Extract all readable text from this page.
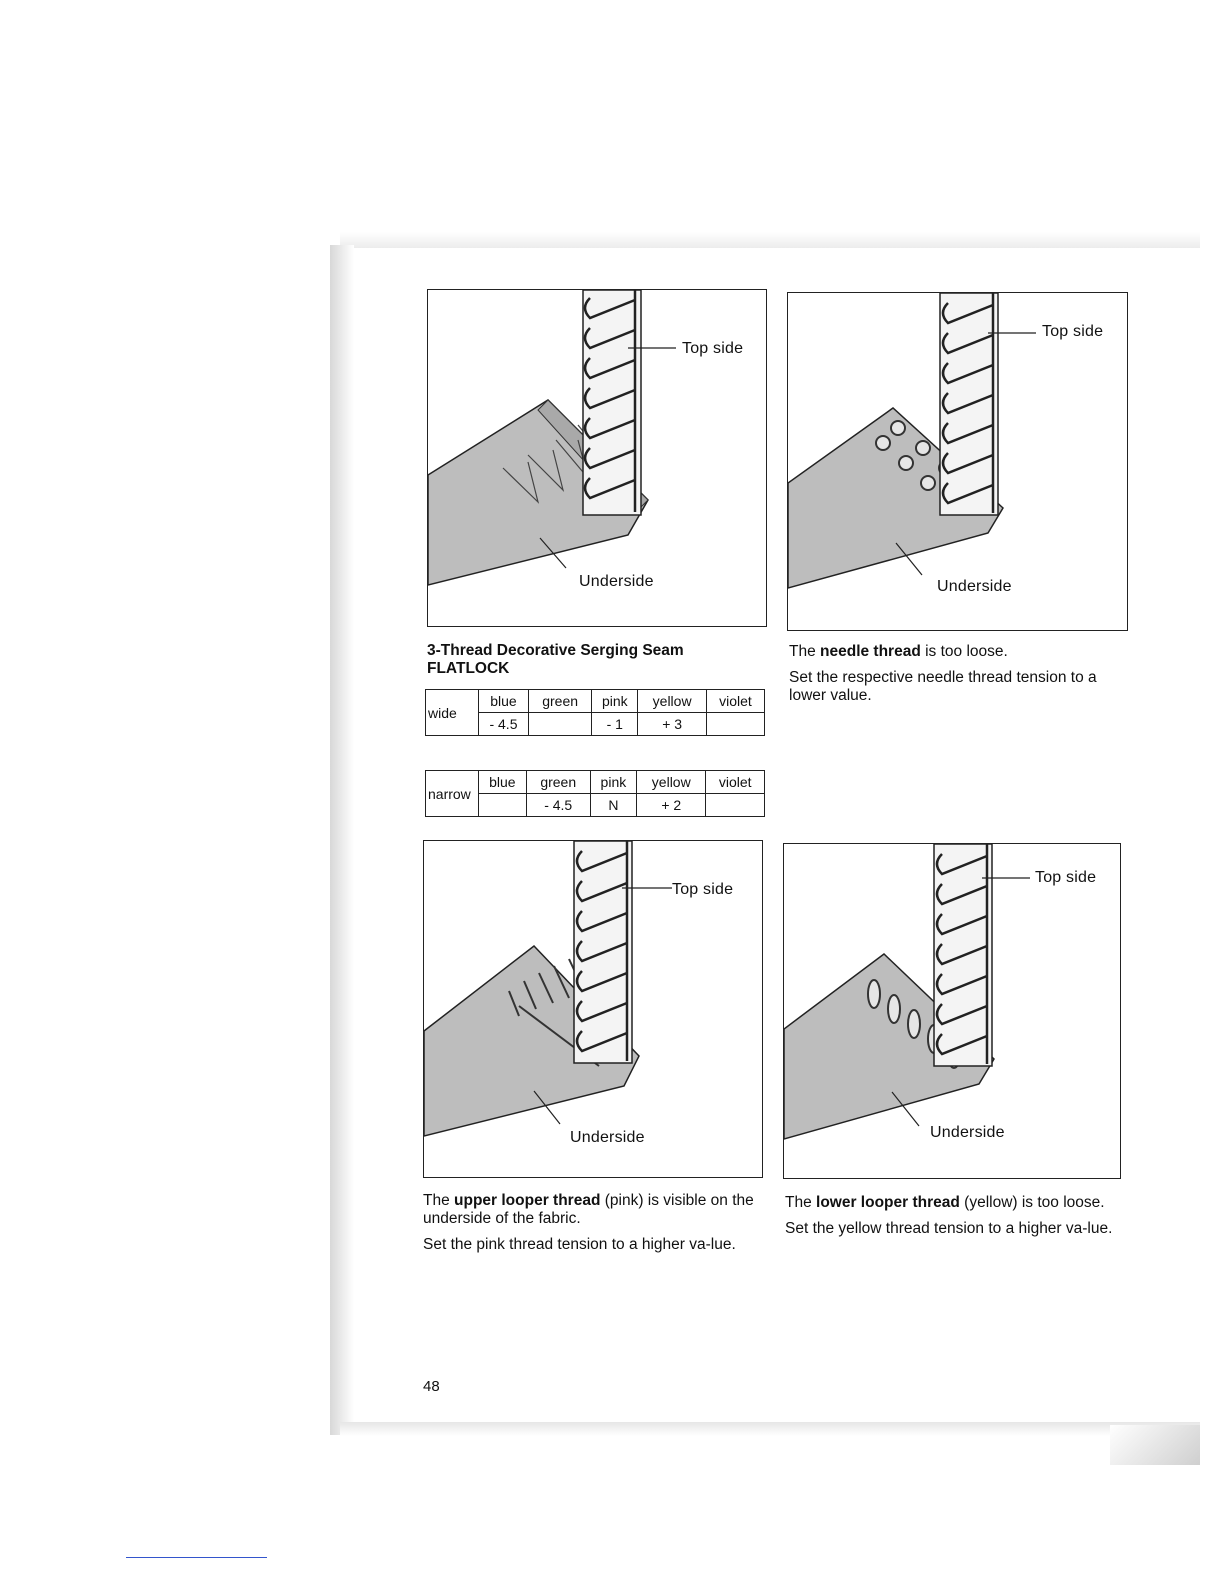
Top side
Underside
Top side
Underside
3-Thread Decorative Serging Seam
FLATLOCK
wide	blue	green	pink	yellow	violet
	- 4.5		- 1	+ 3	
narrow	blue	green	pink	yellow	violet
		- 4.5	N	+ 2	
The needle thread is too loose.
Set the respective needle thread tension to a lower value.
Top side
Underside
Top side
Underside
The upper looper thread (pink) is visible on the underside of the fabric.
Set the pink thread tension to a higher va-lue.
The lower looper thread (yellow) is too loose.
Set the yellow thread tension to a higher va-lue.
48
